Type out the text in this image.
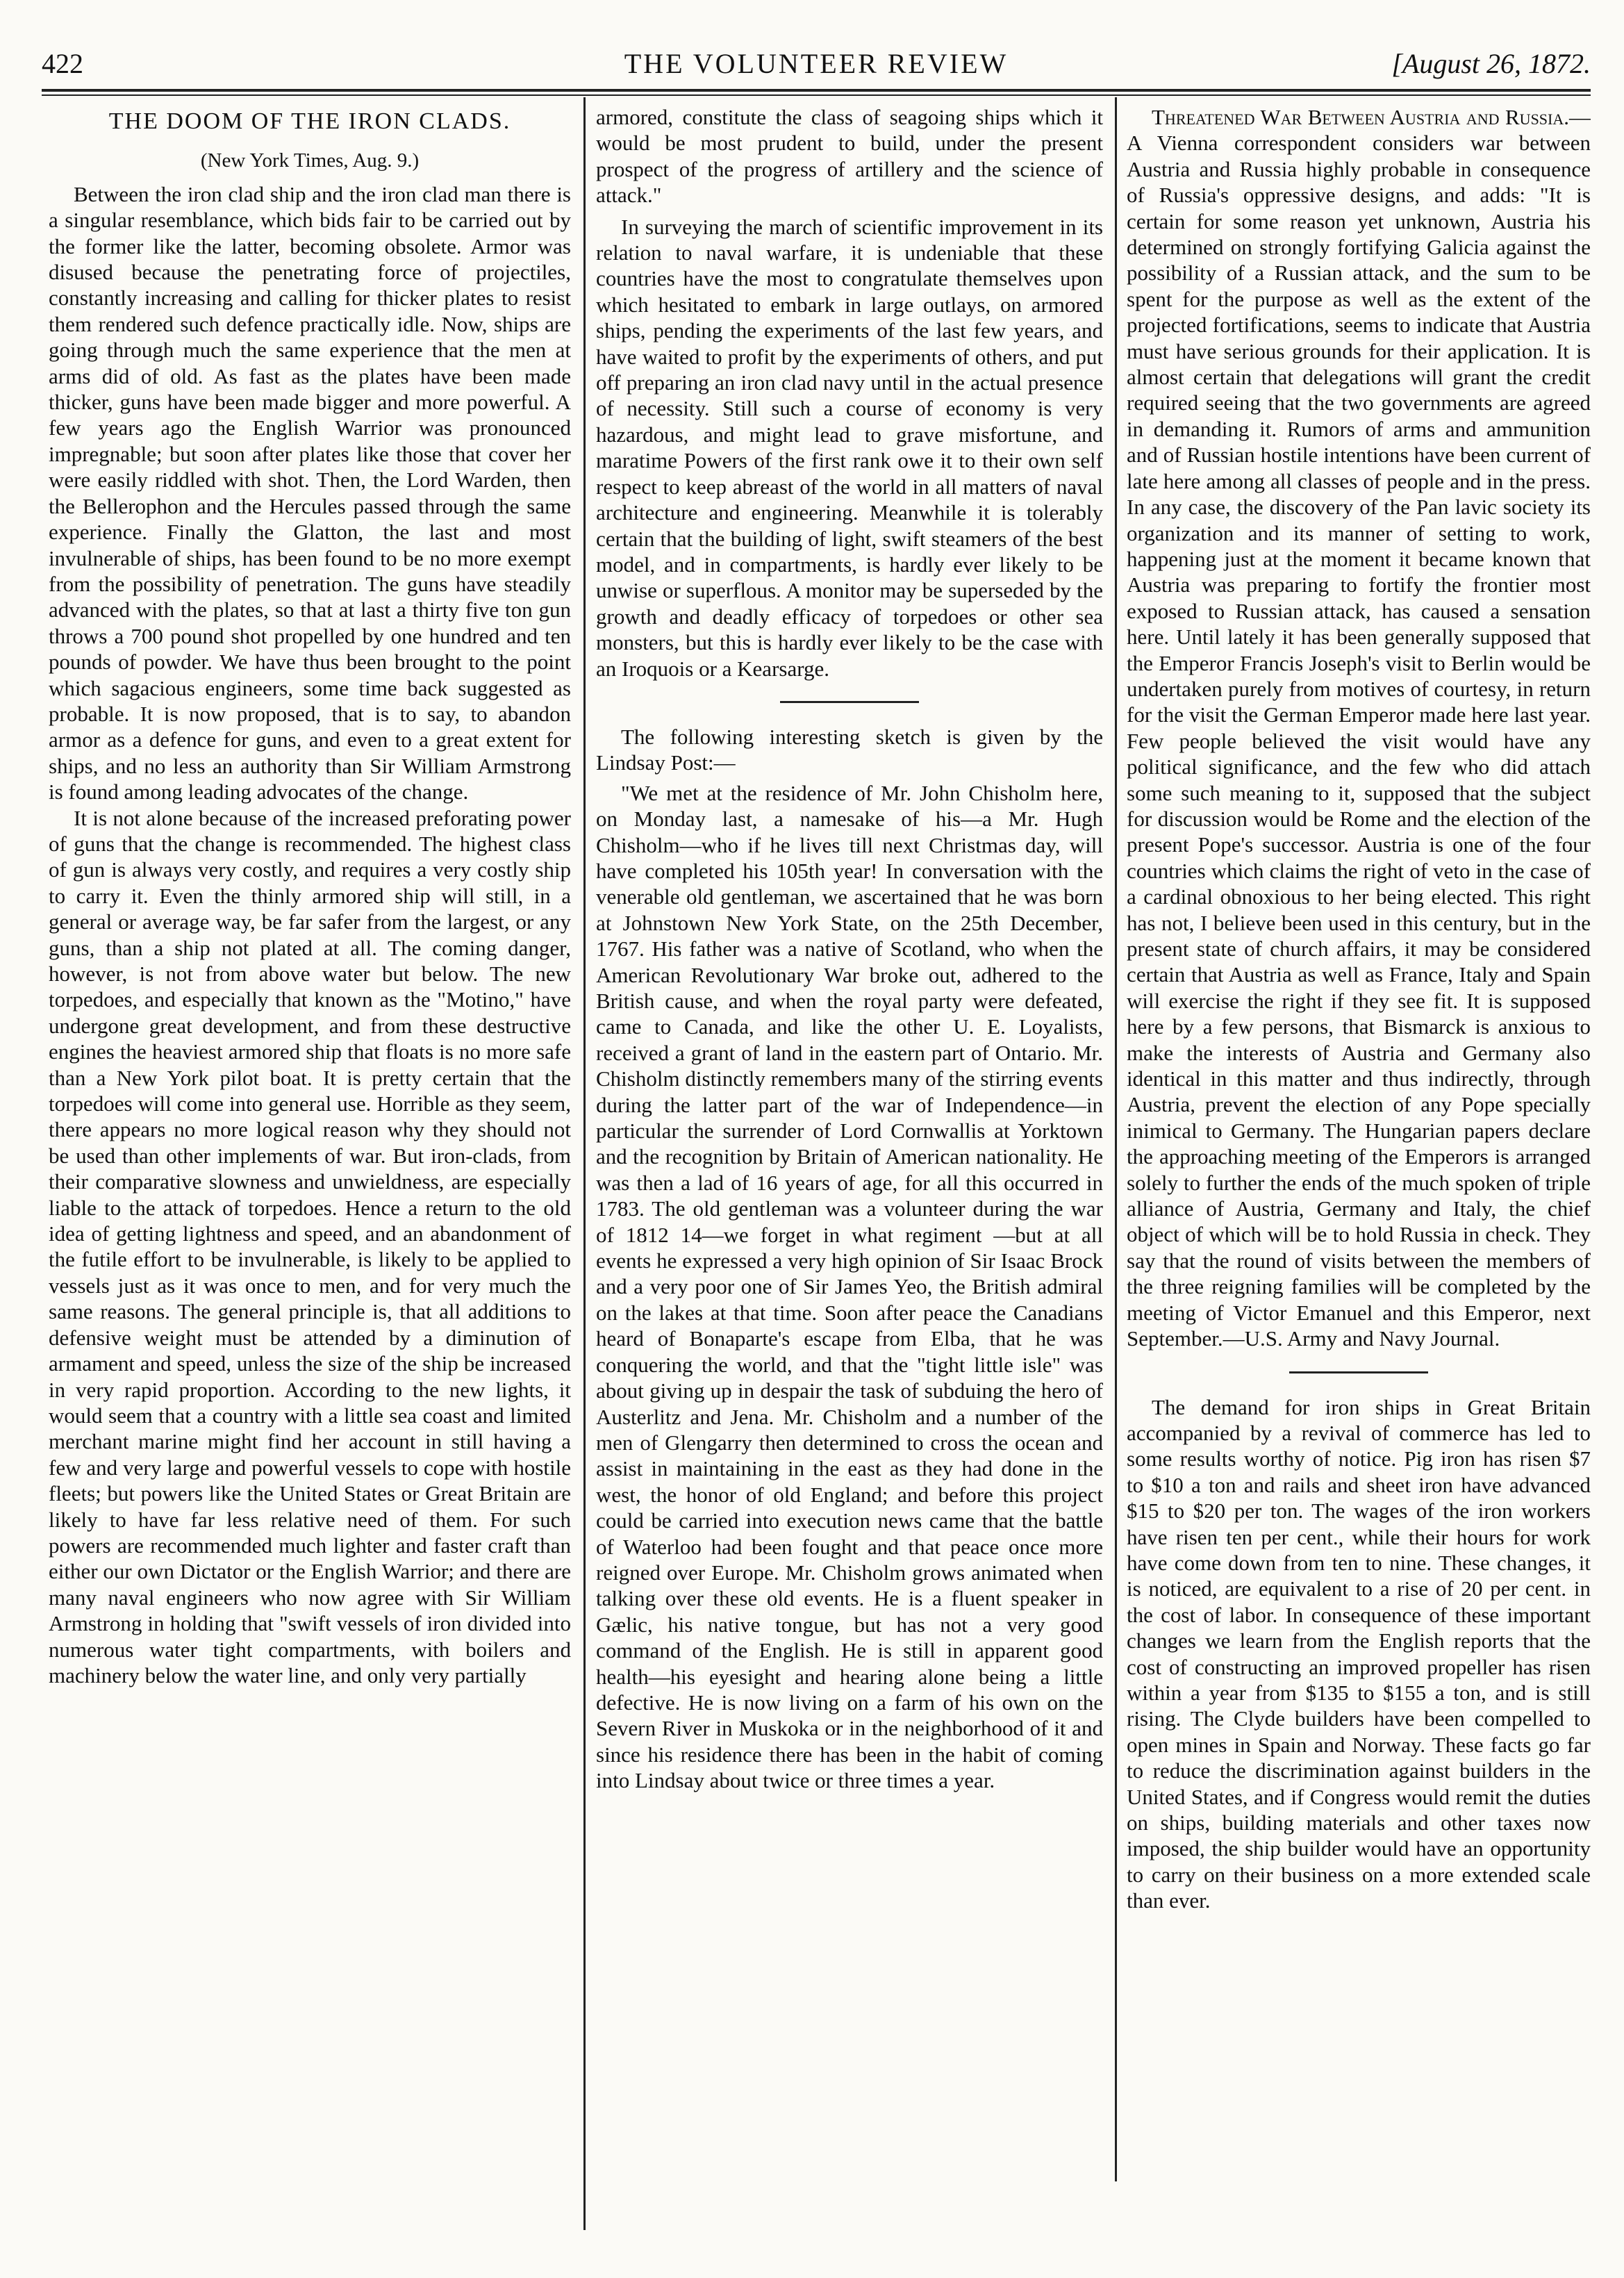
422	THE VOLUNTEER REVIEW	[August 26, 1872.
THE DOOM OF THE IRON CLADS.
(New York Times, Aug. 9.)

Between the iron clad ship and the iron clad man there is a singular resemblance, which bids fair to be carried out by the former like the latter, becoming obsolete. Armor was disused because the penetrating force of projectiles, constantly increasing and calling for thicker plates to resist them rendered such defence practically idle. Now, ships are going through much the same experience that the men at arms did of old. As fast as the plates have been made thicker, guns have been made bigger and more powerful. A few years ago the English Warrior was pronounced impregnable; but soon after plates like those that cover her were easily riddled with shot. Then, the Lord Warden, then the Bellerophon and the Hercules passed through the same experience. Finally the Glatton, the last and most invulnerable of ships, has been found to be no more exempt from the possibility of penetration. The guns have steadily advanced with the plates, so that at last a thirty five ton gun throws a 700 pound shot propelled by one hundred and ten pounds of powder. We have thus been brought to the point which sagacious engineers, some time back suggested as probable. It is now proposed, that is to say, to abandon armor as a defence for guns, and even to a great extent for ships, and no less an authority than Sir William Armstrong is found among leading advocates of the change.

It is not alone because of the increased preforating power of guns that the change is recommended. The highest class of gun is always very costly, and requires a very costly ship to carry it. Even the thinly armored ship will still, in a general or average way, be far safer from the largest, or any guns, than a ship not plated at all. The coming danger, however, is not from above water but below. The new torpedoes, and especially that known as the "Motino," have undergone great development, and from these destructive engines the heaviest armored ship that floats is no more safe than a New York pilot boat. It is pretty certain that the torpedoes will come into general use. Horrible as they seem, there appears no more logical reason why they should not be used than other implements of war. But iron-clads, from their comparative slowness and unwieldness, are especially liable to the attack of torpedoes. Hence a return to the old idea of getting lightness and speed, and an abandonment of the futile effort to be invulnerable, is likely to be applied to vessels just as it was once to men, and for very much the same reasons. The general principle is, that all additions to defensive weight must be attended by a diminution of armament and speed, unless the size of the ship be increased in very rapid proportion. According to the new lights, it would seem that a country with a little sea coast and limited merchant marine might find her account in still having a few and very large and powerful vessels to cope with hostile fleets; but powers like the United States or Great Britain are likely to have far less relative need of them. For such powers are recommended much lighter and faster craft than either our own Dictator or the English Warrior; and there are many naval engineers who now agree with Sir William Armstrong in holding that "swift vessels of iron divided into numerous water tight compartments, with boilers and machinery below the water line, and only very partially

armored, constitute the class of seagoing ships which it would be most prudent to build, under the present prospect of the progress of artillery and the science of attack."

In surveying the march of scientific improvement in its relation to naval warfare, it is undeniable that these countries have the most to congratulate themselves upon which hesitated to embark in large outlays, on armored ships, pending the experiments of the last few years, and have waited to profit by the experiments of others, and put off preparing an iron clad navy until in the actual presence of necessity. Still such a course of economy is very hazardous, and might lead to grave misfortune, and maratime Powers of the first rank owe it to their own self respect to keep abreast of the world in all matters of naval architecture and engineering. Meanwhile it is tolerably certain that the building of light, swift steamers of the best model, and in compartments, is hardly ever likely to be unwise or superflous. A monitor may be superseded by the growth and deadly efficacy of torpedoes or other sea monsters, but this is hardly ever likely to be the case with an Iroquois or a Kearsarge.

The following interesting sketch is given by the Lindsay Post:—

"We met at the residence of Mr. John Chisholm here, on Monday last, a namesake of his—a Mr. Hugh Chisholm—who if he lives till next Christmas day, will have completed his 105th year! In conversation with the venerable old gentleman, we ascertained that he was born at Johnstown New York State, on the 25th December, 1767. His father was a native of Scotland, who when the American Revolutionary War broke out, adhered to the British cause, and when the royal party were defeated, came to Canada, and like the other U. E. Loyalists, received a grant of land in the eastern part of Ontario. Mr. Chisholm distinctly remembers many of the stirring events during the latter part of the war of Independence—in particular the surrender of Lord Cornwallis at Yorktown and the recognition by Britain of American nationality. He was then a lad of 16 years of age, for all this occurred in 1783. The old gentleman was a volunteer during the war of 1812 14—we forget in what regiment —but at all events he expressed a very high opinion of Sir Isaac Brock and a very poor one of Sir James Yeo, the British admiral on the lakes at that time. Soon after peace the Canadians heard of Bonaparte's escape from Elba, that he was conquering the world, and that the "tight little isle" was about giving up in despair the task of subduing the hero of Austerlitz and Jena. Mr. Chisholm and a number of the men of Glengarry then determined to cross the ocean and assist in maintaining in the east as they had done in the west, the honor of old England; and before this project could be carried into execution news came that the battle of Waterloo had been fought and that peace once more reigned over Europe. Mr. Chisholm grows animated when talking over these old events. He is a fluent speaker in Gælic, his native tongue, but has not a very good command of the English. He is still in apparent good health—his eyesight and hearing alone being a little defective. He is now living on a farm of his own on the Severn River in Muskoka or in the neighborhood of it and since his residence there has been in the habit of coming into Lindsay about twice or three times a year.

Threatened War Between Austria and Russia.—A Vienna correspondent considers war between Austria and Russia highly probable in consequence of Russia's oppressive designs, and adds: "It is certain for some reason yet unknown, Austria his determined on strongly fortifying Galicia against the possibility of a Russian attack, and the sum to be spent for the purpose as well as the extent of the projected fortifications, seems to indicate that Austria must have serious grounds for their application. It is almost certain that delegations will grant the credit required seeing that the two governments are agreed in demanding it. Rumors of arms and ammunition and of Russian hostile intentions have been current of late here among all classes of people and in the press. In any case, the discovery of the Pan lavic society its organization and its manner of setting to work, happening just at the moment it became known that Austria was preparing to fortify the frontier most exposed to Russian attack, has caused a sensation here. Until lately it has been generally supposed that the Emperor Francis Joseph's visit to Berlin would be undertaken purely from motives of courtesy, in return for the visit the German Emperor made here last year. Few people believed the visit would have any political significance, and the few who did attach some such meaning to it, supposed that the subject for discussion would be Rome and the election of the present Pope's successor. Austria is one of the four countries which claims the right of veto in the case of a cardinal obnoxious to her being elected. This right has not, I believe been used in this century, but in the present state of church affairs, it may be considered certain that Austria as well as France, Italy and Spain will exercise the right if they see fit. It is supposed here by a few persons, that Bismarck is anxious to make the interests of Austria and Germany also identical in this matter and thus indirectly, through Austria, prevent the election of any Pope specially inimical to Germany. The Hungarian papers declare the approaching meeting of the Emperors is arranged solely to further the ends of the much spoken of triple alliance of Austria, Germany and Italy, the chief object of which will be to hold Russia in check. They say that the round of visits between the members of the three reigning families will be completed by the meeting of Victor Emanuel and this Emperor, next September.—U.S. Army and Navy Journal.

The demand for iron ships in Great Britain accompanied by a revival of commerce has led to some results worthy of notice. Pig iron has risen $7 to $10 a ton and rails and sheet iron have advanced $15 to $20 per ton. The wages of the iron workers have risen ten per cent., while their hours for work have come down from ten to nine. These changes, it is noticed, are equivalent to a rise of 20 per cent. in the cost of labor. In consequence of these important changes we learn from the English reports that the cost of constructing an improved propeller has risen within a year from $135 to $155 a ton, and is still rising. The Clyde builders have been compelled to open mines in Spain and Norway. These facts go far to reduce the discrimination against builders in the United States, and if Congress would remit the duties on ships, building materials and other taxes now imposed, the ship builder would have an opportunity to carry on their business on a more extended scale than ever.
